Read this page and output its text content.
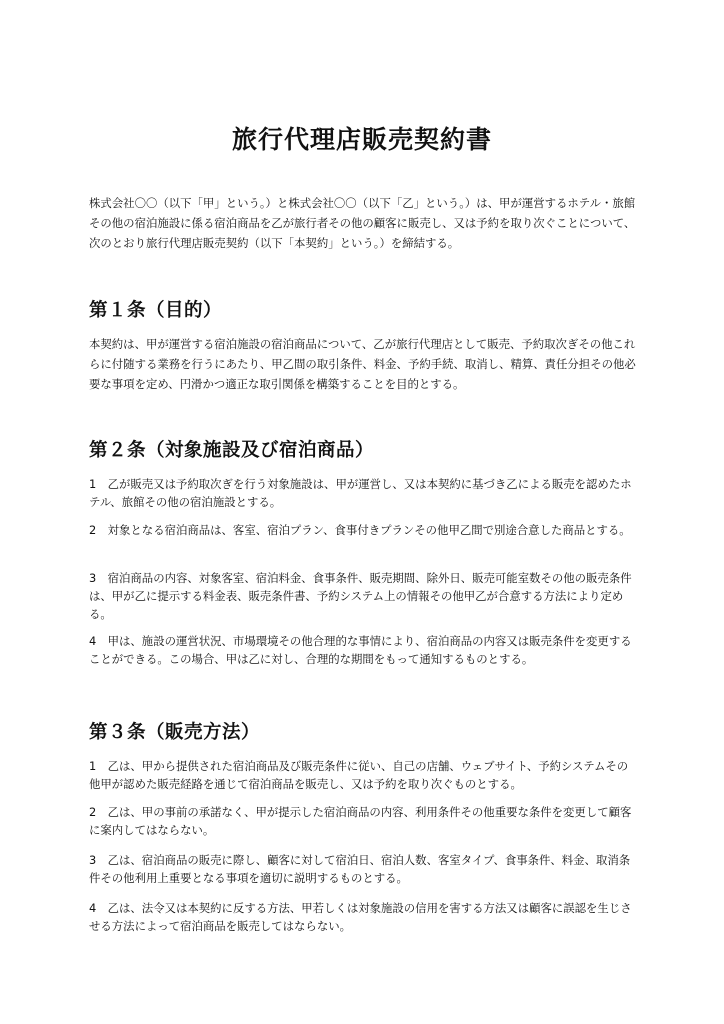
旅行代理店販売契約書

株式会社〇〇（以下「甲」という。）と株式会社〇〇（以下「乙」という。）は、甲が運営するホテル・旅館その他の宿泊施設に係る宿泊商品を乙が旅行者その他の顧客に販売し、又は予約を取り次ぐことについて、次のとおり旅行代理店販売契約（以下「本契約」という。）を締結する。

第１条（目的）

本契約は、甲が運営する宿泊施設の宿泊商品について、乙が旅行代理店として販売、予約取次ぎその他これらに付随する業務を行うにあたり、甲乙間の取引条件、料金、予約手続、取消し、精算、責任分担その他必要な事項を定め、円滑かつ適正な取引関係を構築することを目的とする。

第２条（対象施設及び宿泊商品）

1　乙が販売又は予約取次ぎを行う対象施設は、甲が運営し、又は本契約に基づき乙による販売を認めたホテル、旅館その他の宿泊施設とする。

2　対象となる宿泊商品は、客室、宿泊プラン、食事付きプランその他甲乙間で別途合意した商品とする。

3　宿泊商品の内容、対象客室、宿泊料金、食事条件、販売期間、除外日、販売可能室数その他の販売条件は、甲が乙に提示する料金表、販売条件書、予約システム上の情報その他甲乙が合意する方法により定める。

4　甲は、施設の運営状況、市場環境その他合理的な事情により、宿泊商品の内容又は販売条件を変更することができる。この場合、甲は乙に対し、合理的な期間をもって通知するものとする。

第３条（販売方法）

1　乙は、甲から提供された宿泊商品及び販売条件に従い、自己の店舗、ウェブサイト、予約システムその他甲が認めた販売経路を通じて宿泊商品を販売し、又は予約を取り次ぐものとする。

2　乙は、甲の事前の承諾なく、甲が提示した宿泊商品の内容、利用条件その他重要な条件を変更して顧客に案内してはならない。

3　乙は、宿泊商品の販売に際し、顧客に対して宿泊日、宿泊人数、客室タイプ、食事条件、料金、取消条件その他利用上重要となる事項を適切に説明するものとする。

4　乙は、法令又は本契約に反する方法、甲若しくは対象施設の信用を害する方法又は顧客に誤認を生じさせる方法によって宿泊商品を販売してはならない。
